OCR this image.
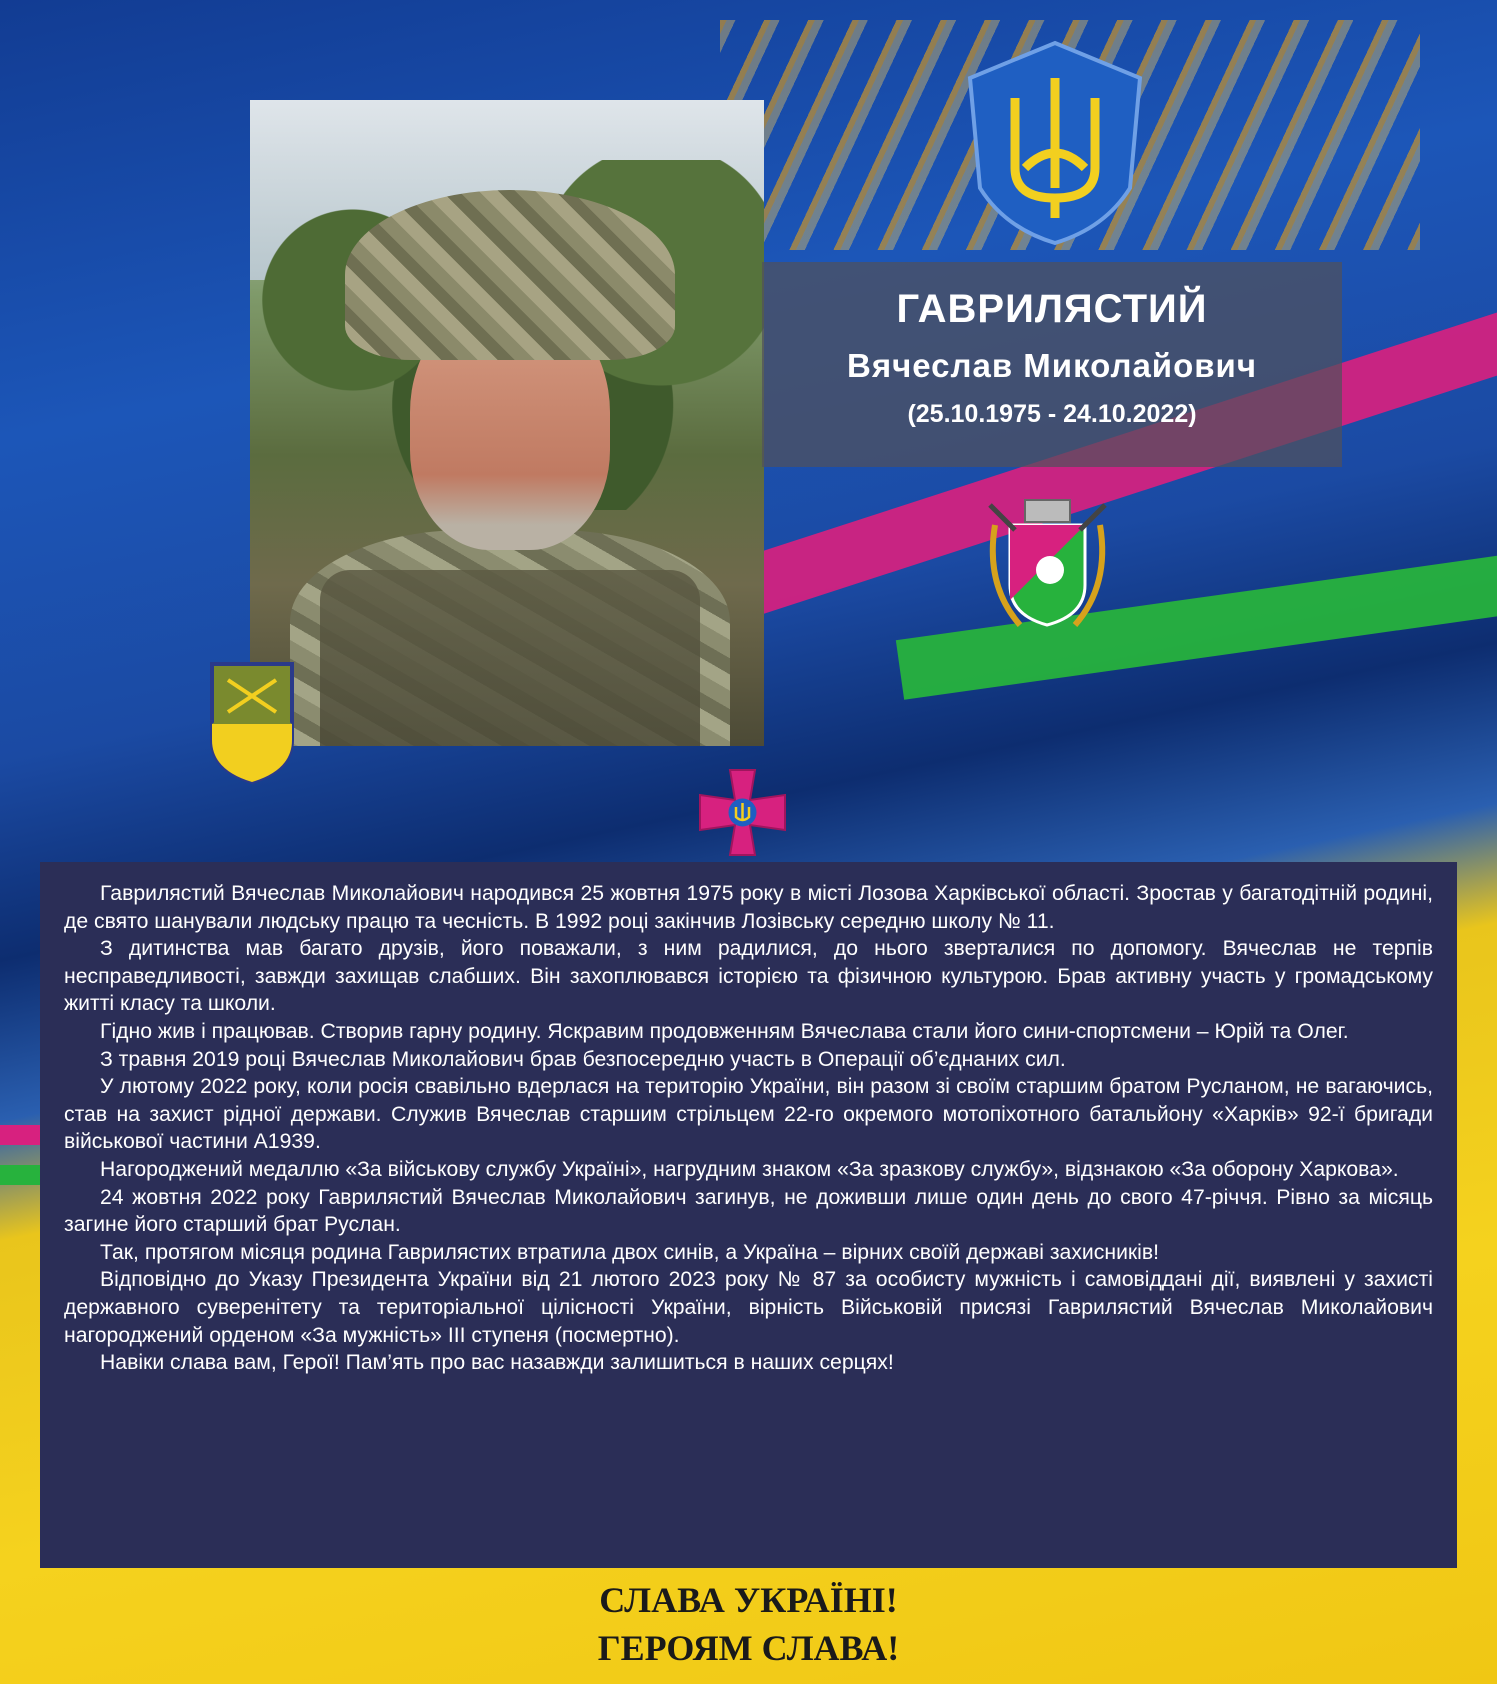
ГАВРИЛЯСТИЙ
Вячеслав Миколайович
(25.10.1975 - 24.10.2022)

Гаврилястий Вячеслав Миколайович народився 25 жовтня 1975 року в місті Лозова Харківської області. Зростав у багатодітній родині, де свято шанували людську працю та чесність. В 1992 році закінчив Лозівську середню школу № 11.

З дитинства мав багато друзів, його поважали, з ним радилися, до нього зверталися по допомогу. Вячеслав не терпів несправедливості, завжди захищав слабших. Він захоплювався історією та фізичною культурою. Брав активну участь у громадському житті класу та школи.

Гідно жив і працював. Створив гарну родину. Яскравим продовженням Вячеслава стали його сини-спортсмени – Юрій та Олег.

З травня 2019 році Вячеслав Миколайович брав безпосередню участь в Операції об’єднаних сил.

У лютому 2022 року, коли росія свавільно вдерлася на територію України, він разом зі своїм старшим братом Русланом, не вагаючись, став на захист рідної держави. Служив Вячеслав старшим стрільцем 22-го окремого мотопіхотного батальйону «Харків» 92-ї бригади військової частини А1939.

Нагороджений медаллю «За військову службу Україні», нагрудним знаком «За зразкову службу», відзнакою «За оборону Харкова».

24 жовтня 2022 року Гаврилястий Вячеслав Миколайович загинув, не доживши лише один день до свого 47-річчя. Рівно за місяць загине його старший брат Руслан.

Так, протягом місяця родина Гаврилястих втратила двох синів, а Україна – вірних своїй державі захисників!

Відповідно до Указу Президента України від 21 лютого 2023 року № 87 за особисту мужність і самовіддані дії, виявлені у захисті державного суверенітету та територіальної цілісності України, вірність Військовій присязі Гаврилястий Вячеслав Миколайович нагороджений орденом «За мужність» ІІІ ступеня (посмертно).

Навіки слава вам, Герої! Пам’ять про вас назавжди залишиться в наших серцях!

СЛАВА УКРАЇНІ!
ГЕРОЯМ СЛАВА!
